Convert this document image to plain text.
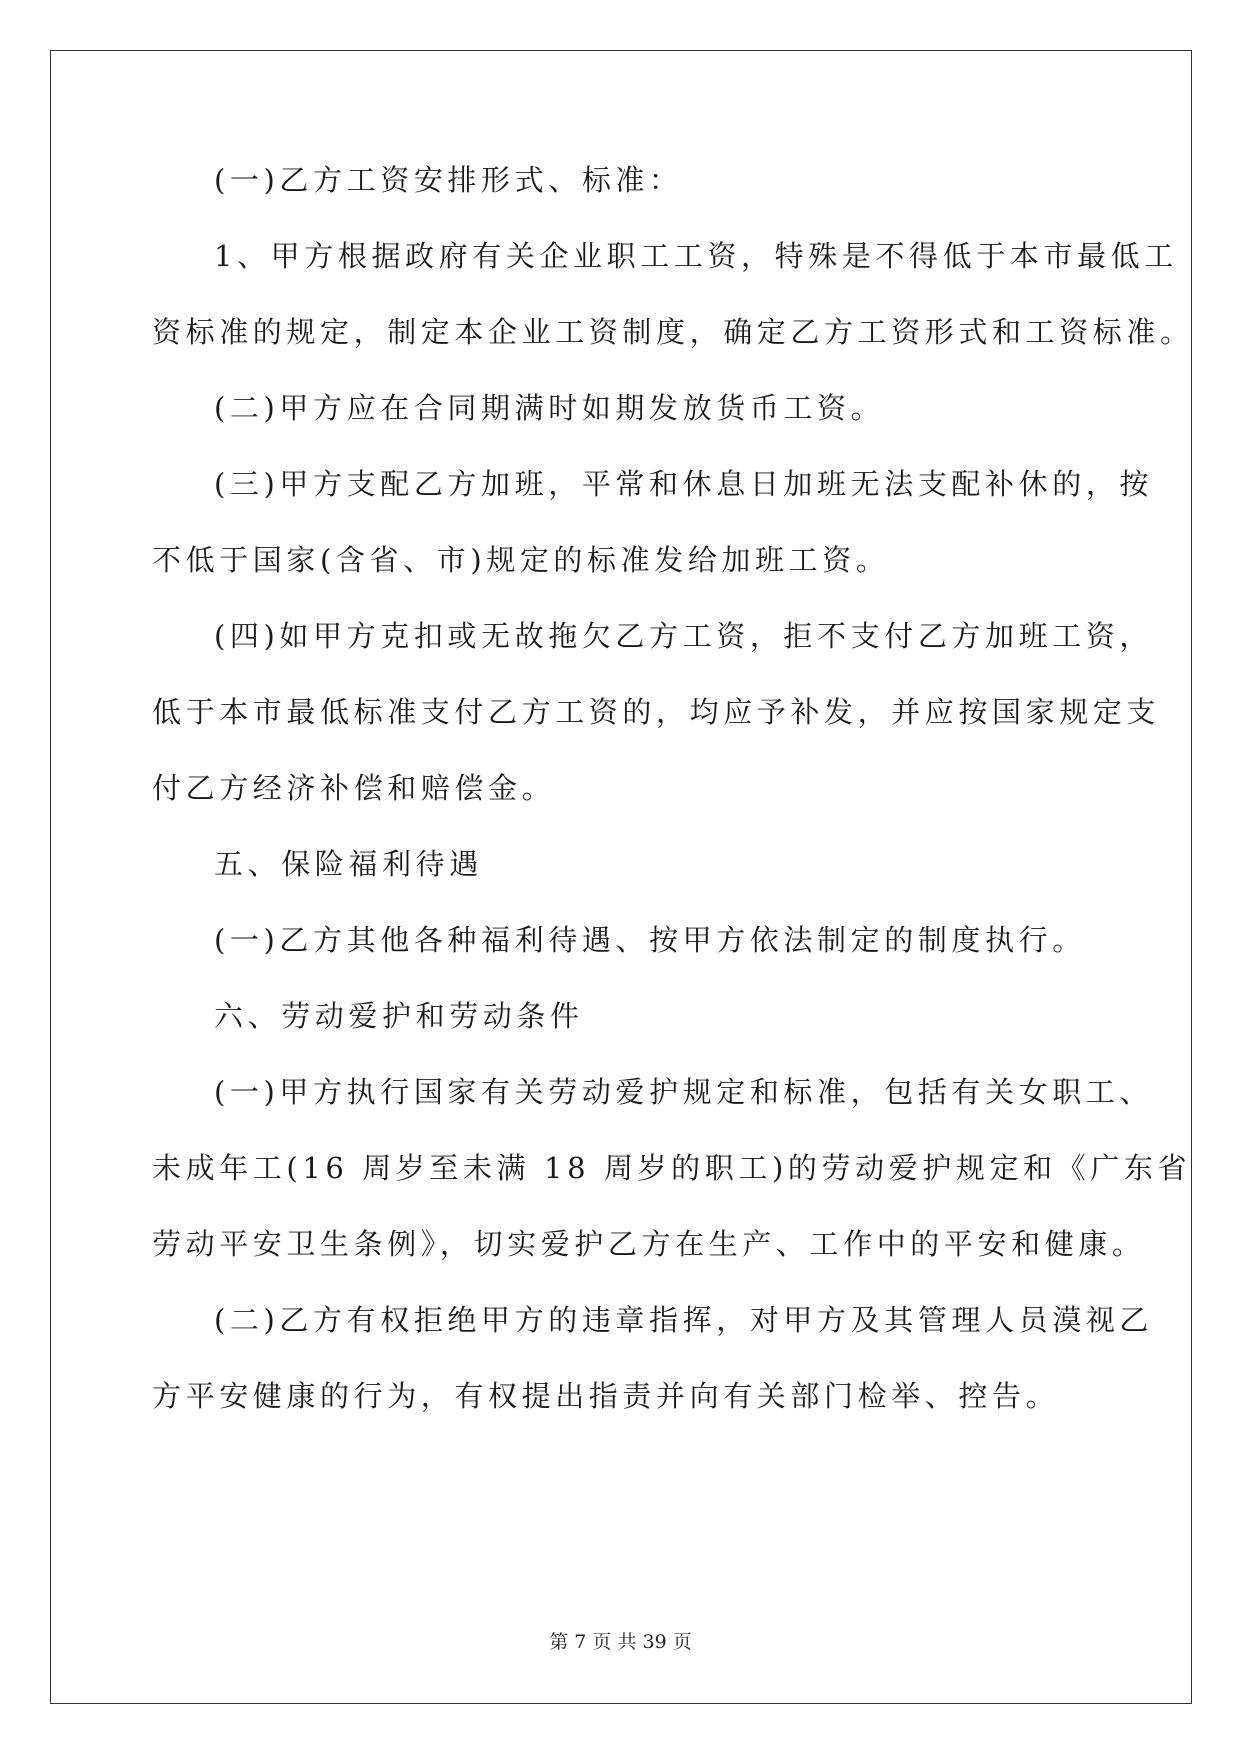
(一)乙方工资安排形式、标准：
1、甲方根据政府有关企业职工工资，特殊是不得低于本市最低工
资标准的规定，制定本企业工资制度，确定乙方工资形式和工资标准。
(二)甲方应在合同期满时如期发放货币工资。
(三)甲方支配乙方加班，平常和休息日加班无法支配补休的，按
不低于国家(含省、市)规定的标准发给加班工资。
(四)如甲方克扣或无故拖欠乙方工资，拒不支付乙方加班工资，
低于本市最低标准支付乙方工资的，均应予补发，并应按国家规定支
付乙方经济补偿和赔偿金。
五、保险福利待遇
(一)乙方其他各种福利待遇、按甲方依法制定的制度执行。
六、劳动爱护和劳动条件
(一)甲方执行国家有关劳动爱护规定和标准，包括有关女职工、
未成年工(16 周岁至未满 18 周岁的职工)的劳动爱护规定和《广东省
劳动平安卫生条例》，切实爱护乙方在生产、工作中的平安和健康。
(二)乙方有权拒绝甲方的违章指挥，对甲方及其管理人员漠视乙
方平安健康的行为，有权提出指责并向有关部门检举、控告。
第 7 页 共 39 页
